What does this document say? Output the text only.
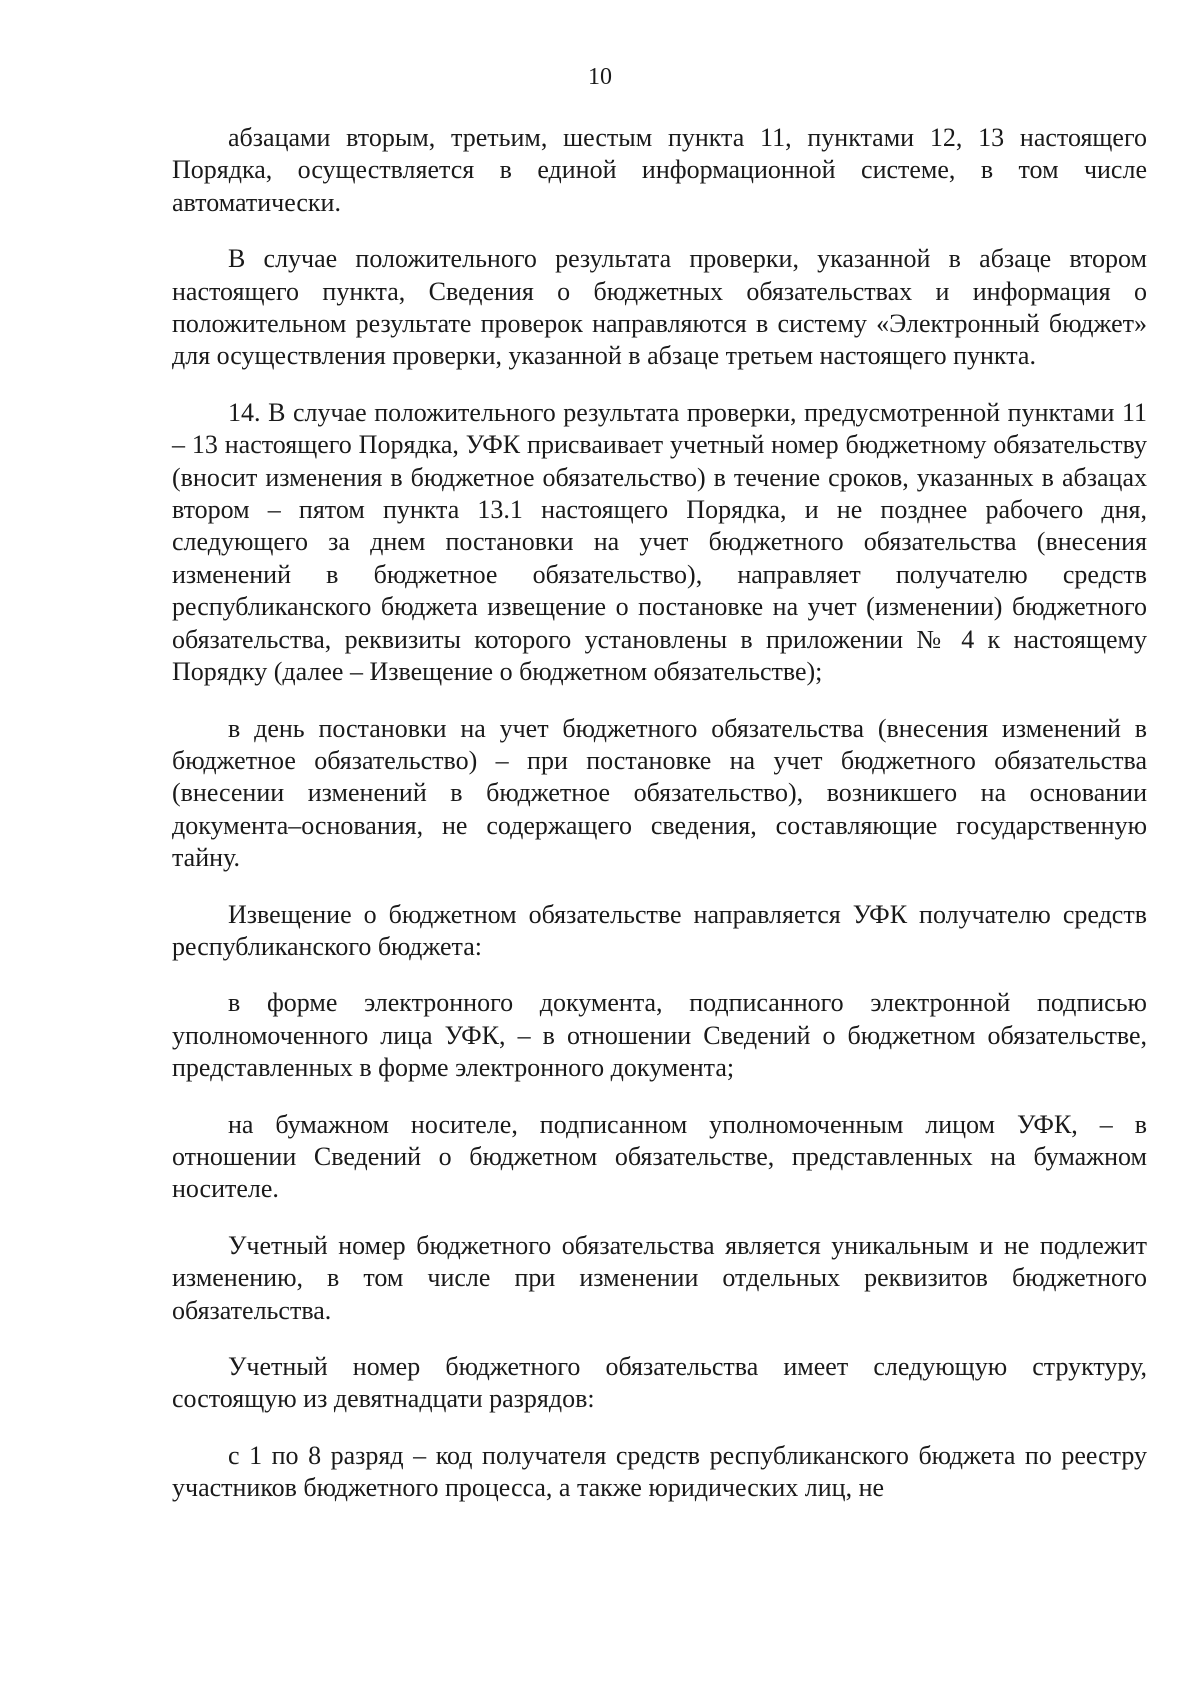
10

абзацами вторым, третьим, шестым пункта 11, пунктами 12, 13 настоящего Порядка, осуществляется в единой информационной системе, в том числе автоматически.

В случае положительного результата проверки, указанной в абзаце втором настоящего пункта, Сведения о бюджетных обязательствах и информация о положительном результате проверок направляются в систему «Электронный бюджет» для осуществления проверки, указанной в абзаце третьем настоящего пункта.

14. В случае положительного результата проверки, предусмотренной пунктами 11 – 13 настоящего Порядка, УФК присваивает учетный номер бюджетному обязательству (вносит изменения в бюджетное обязательство) в течение сроков, указанных в абзацах втором – пятом пункта 13.1 настоящего Порядка, и не позднее рабочего дня, следующего за днем постановки на учет бюджетного обязательства (внесения изменений в бюджетное обязательство), направляет получателю средств республиканского бюджета извещение о постановке на учет (изменении) бюджетного обязательства, реквизиты которого установлены в приложении № 4 к настоящему Порядку (далее – Извещение о бюджетном обязательстве);

в день постановки на учет бюджетного обязательства (внесения изменений в бюджетное обязательство) – при постановке на учет бюджетного обязательства (внесении изменений в бюджетное обязательство), возникшего на основании документа–основания, не содержащего сведения, составляющие государственную тайну.

Извещение о бюджетном обязательстве направляется УФК получателю средств республиканского бюджета:

в форме электронного документа, подписанного электронной подписью уполномоченного лица УФК, – в отношении Сведений о бюджетном обязательстве, представленных в форме электронного документа;

на бумажном носителе, подписанном уполномоченным лицом УФК, – в отношении Сведений о бюджетном обязательстве, представленных на бумажном носителе.

Учетный номер бюджетного обязательства является уникальным и не подлежит изменению, в том числе при изменении отдельных реквизитов бюджетного обязательства.

Учетный номер бюджетного обязательства имеет следующую структуру, состоящую из девятнадцати разрядов:

с 1 по 8 разряд – код получателя средств республиканского бюджета по реестру участников бюджетного процесса, а также юридических лиц, не
